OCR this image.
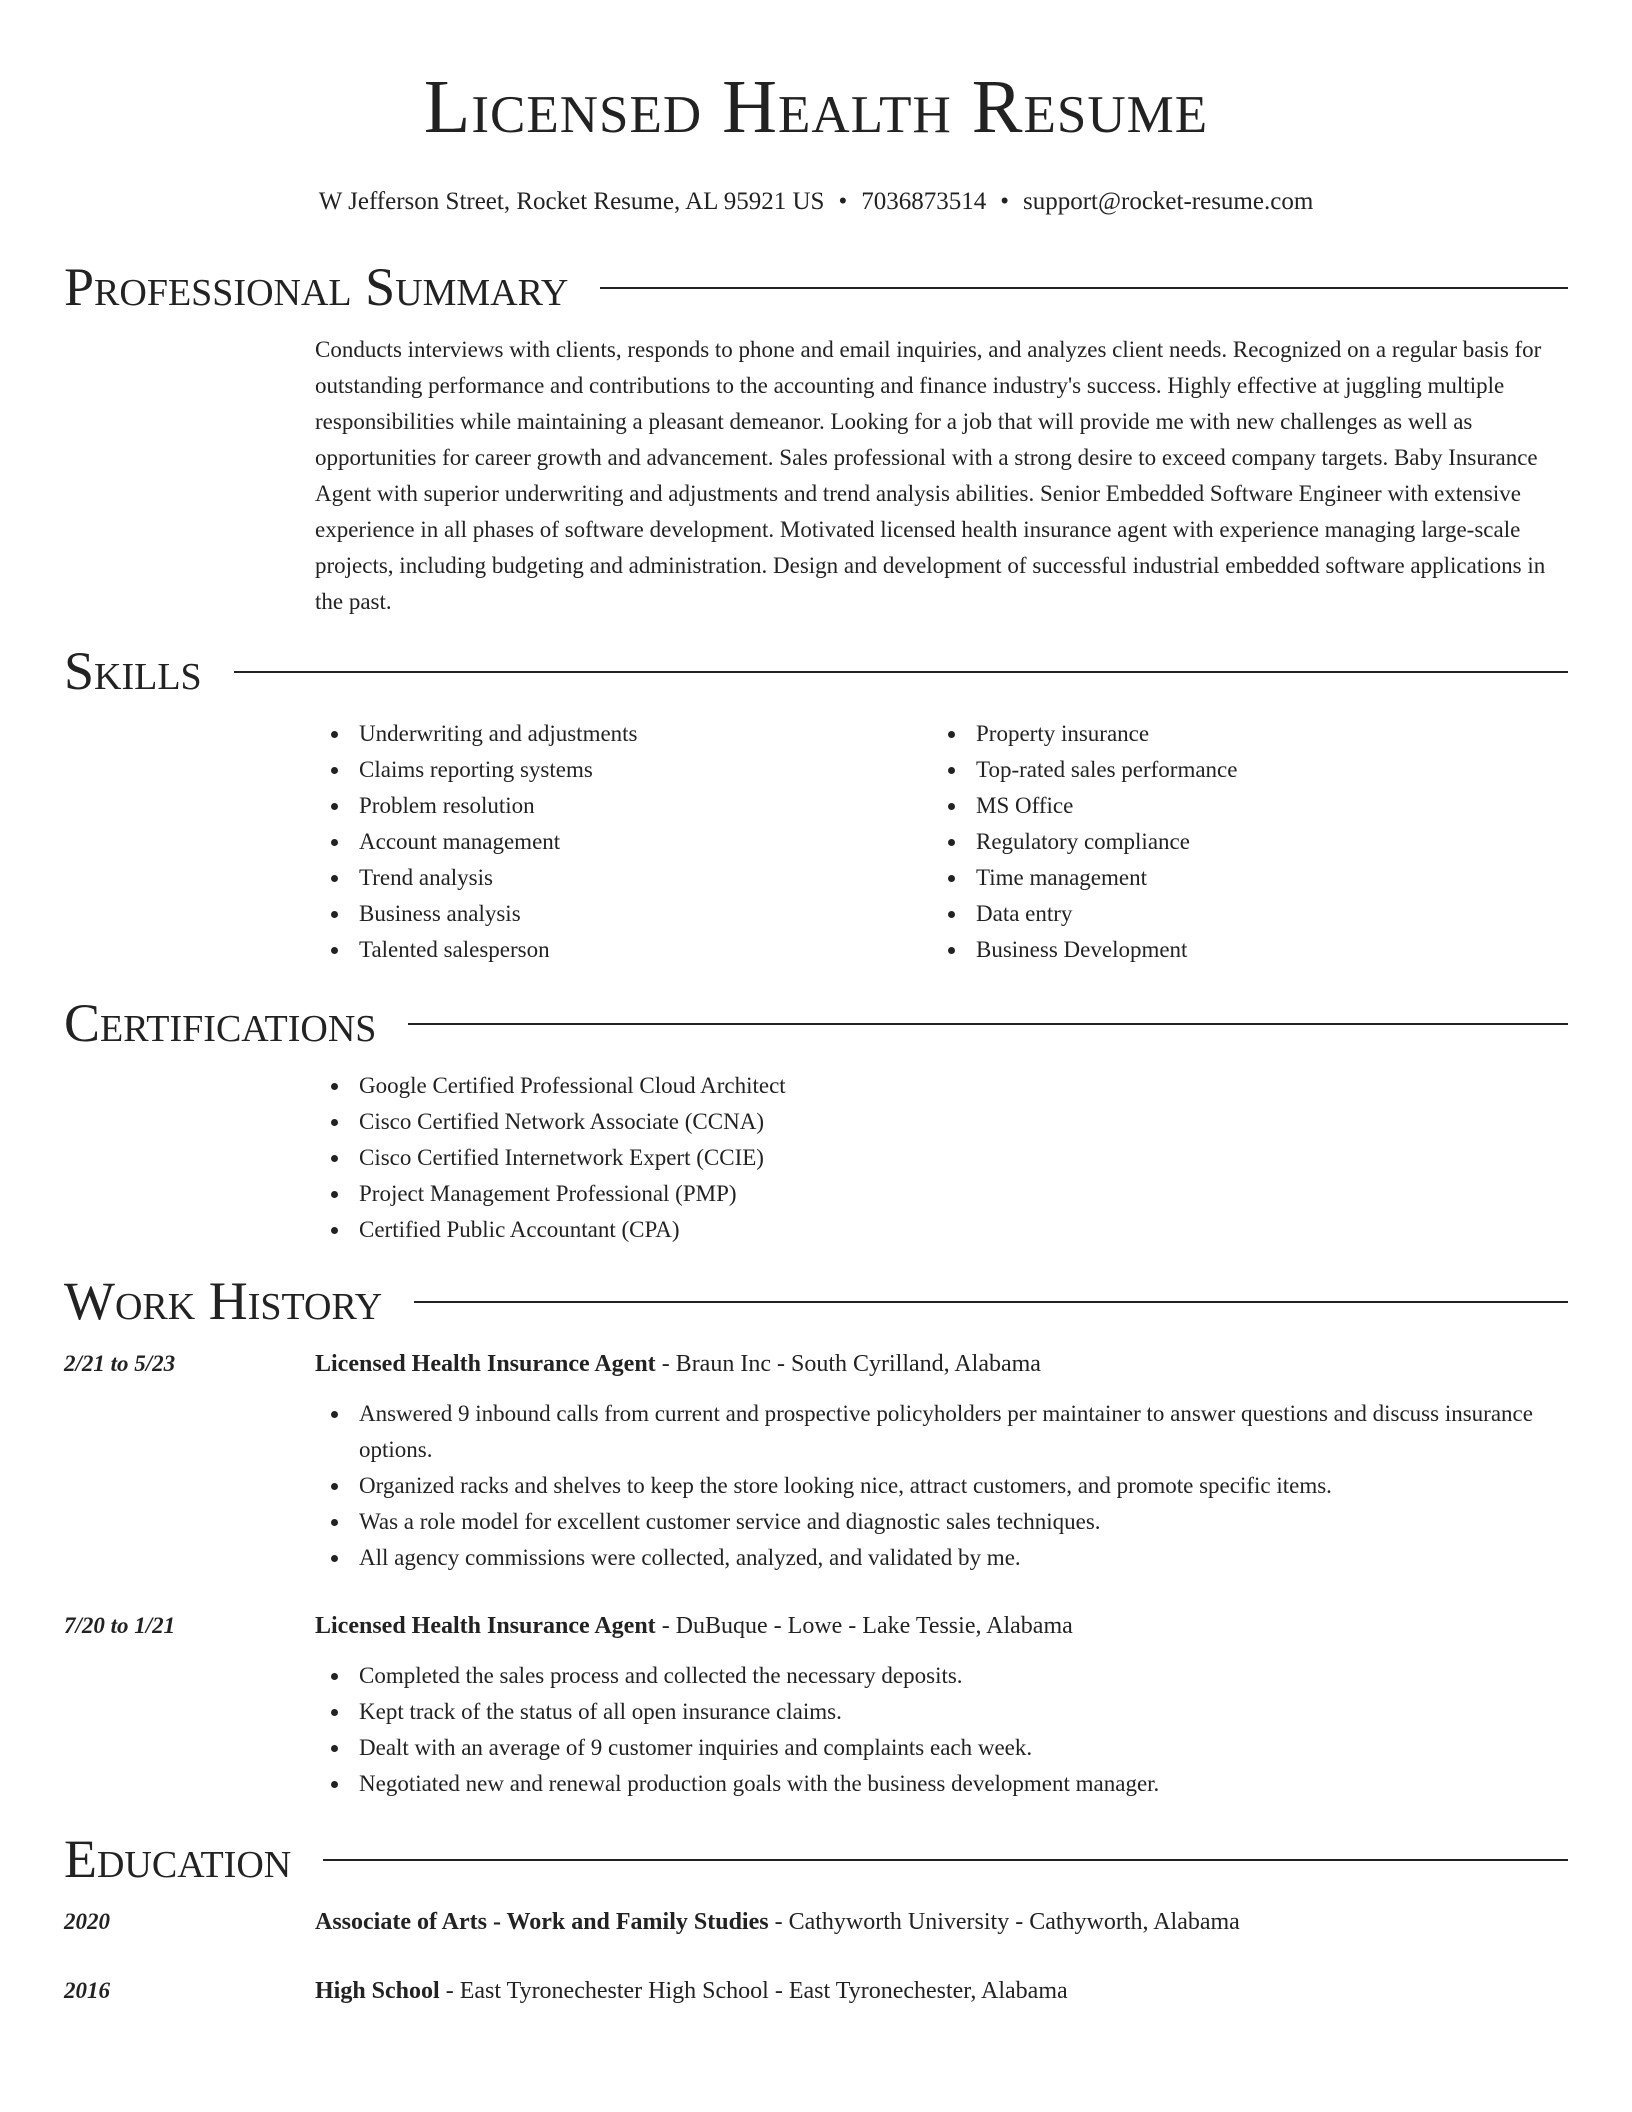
Licensed Health Resume
W Jefferson Street, Rocket Resume, AL 95921 US • 7036873514 • support@rocket-resume.com
Professional Summary

Conducts interviews with clients, responds to phone and email inquiries, and analyzes client needs. Recognized on a regular basis for outstanding performance and contributions to the accounting and finance industry's success. Highly effective at juggling multiple responsibilities while maintaining a pleasant demeanor. Looking for a job that will provide me with new challenges as well as opportunities for career growth and advancement. Sales professional with a strong desire to exceed company targets. Baby Insurance Agent with superior underwriting and adjustments and trend analysis abilities. Senior Embedded Software Engineer with extensive experience in all phases of software development. Motivated licensed health insurance agent with experience managing large-scale projects, including budgeting and administration. Design and development of successful industrial embedded software applications in the past.

Skills
Underwriting and adjustments
Claims reporting systems
Problem resolution
Account management
Trend analysis
Business analysis
Talented salesperson
Property insurance
Top-rated sales performance
MS Office
Regulatory compliance
Time management
Data entry
Business Development
Certifications
Google Certified Professional Cloud Architect
Cisco Certified Network Associate (CCNA)
Cisco Certified Internetwork Expert (CCIE)
Project Management Professional (PMP)
Certified Public Accountant (CPA)
Work History
2/21 to 5/23	Licensed Health Insurance Agent - Braun Inc - South Cyrilland, Alabama
Answered 9 inbound calls from current and prospective policyholders per maintainer to answer questions and discuss insurance options.
Organized racks and shelves to keep the store looking nice, attract customers, and promote specific items.
Was a role model for excellent customer service and diagnostic sales techniques.
All agency commissions were collected, analyzed, and validated by me.
7/20 to 1/21	Licensed Health Insurance Agent - DuBuque - Lowe - Lake Tessie, Alabama
Completed the sales process and collected the necessary deposits.
Kept track of the status of all open insurance claims.
Dealt with an average of 9 customer inquiries and complaints each week.
Negotiated new and renewal production goals with the business development manager.
Education
2020	Associate of Arts - Work and Family Studies - Cathyworth University - Cathyworth, Alabama
2016	High School - East Tyronechester High School - East Tyronechester, Alabama
